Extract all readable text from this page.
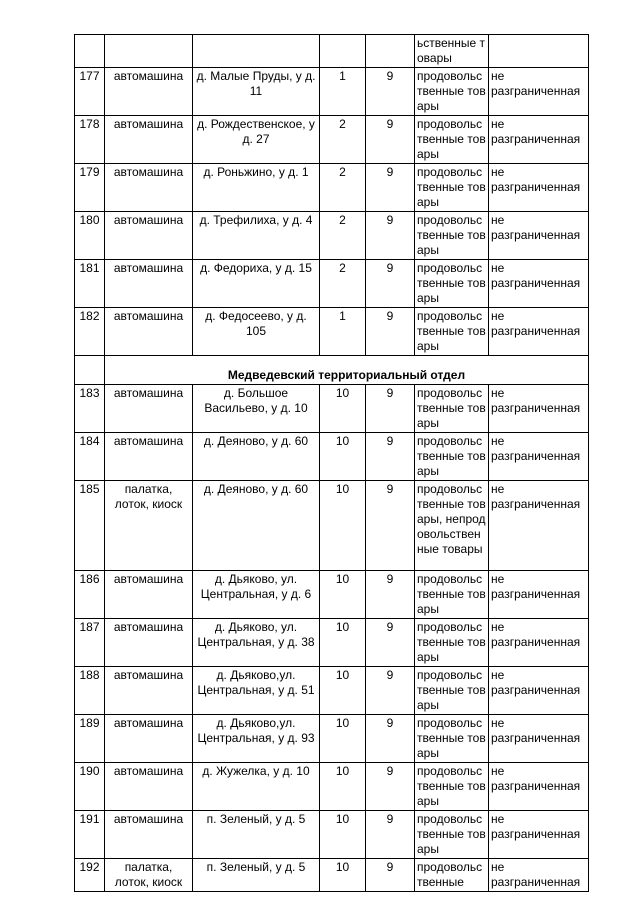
					ьственные товары	
177	автомашина	д. Малые Пруды, у д. 11	1	9	продовольственные товары	не разграниченная
178	автомашина	д. Рождественское, у д. 27	2	9	продовольственные товары	не разграниченная
179	автомашина	д. Роньжино, у д. 1	2	9	продовольственные товары	не разграниченная
180	автомашина	д. Трефилиха, у д. 4	2	9	продовольственные товары	не разграниченная
181	автомашина	д. Федориха, у д. 15	2	9	продовольственные товары	не разграниченная
182	автомашина	д. Федосеево, у д. 105	1	9	продовольственные товары	не разграниченная
	Медведевский территориальный отдел					
183	автомашина	д. Большое Васильево, у д. 10	10	9	продовольственные товары	не разграниченная
184	автомашина	д. Деяново, у д. 60	10	9	продовольственные товары	не разграниченная
185	палатка, лоток, киоск	д. Деяново, у д. 60	10	9	продовольственные товары, непродовольственные товары	не разграниченная
186	автомашина	д. Дьяково, ул. Центральная, у д. 6	10	9	продовольственные товары	не разграниченная
187	автомашина	д. Дьяково, ул. Центральная, у д. 38	10	9	продовольственные товары	не разграниченная
188	автомашина	д. Дьяково,ул. Центральная, у д. 51	10	9	продовольственные товары	не разграниченная
189	автомашина	д. Дьяково,ул. Центральная, у д. 93	10	9	продовольственные товары	не разграниченная
190	автомашина	д. Жужелка, у д. 10	10	9	продовольственные товары	не разграниченная
191	автомашина	п. Зеленый, у д. 5	10	9	продовольственные товары	не разграниченная
192	палатка, лоток, киоск	п. Зеленый, у д. 5	10	9	продовольственные	не разграниченная
